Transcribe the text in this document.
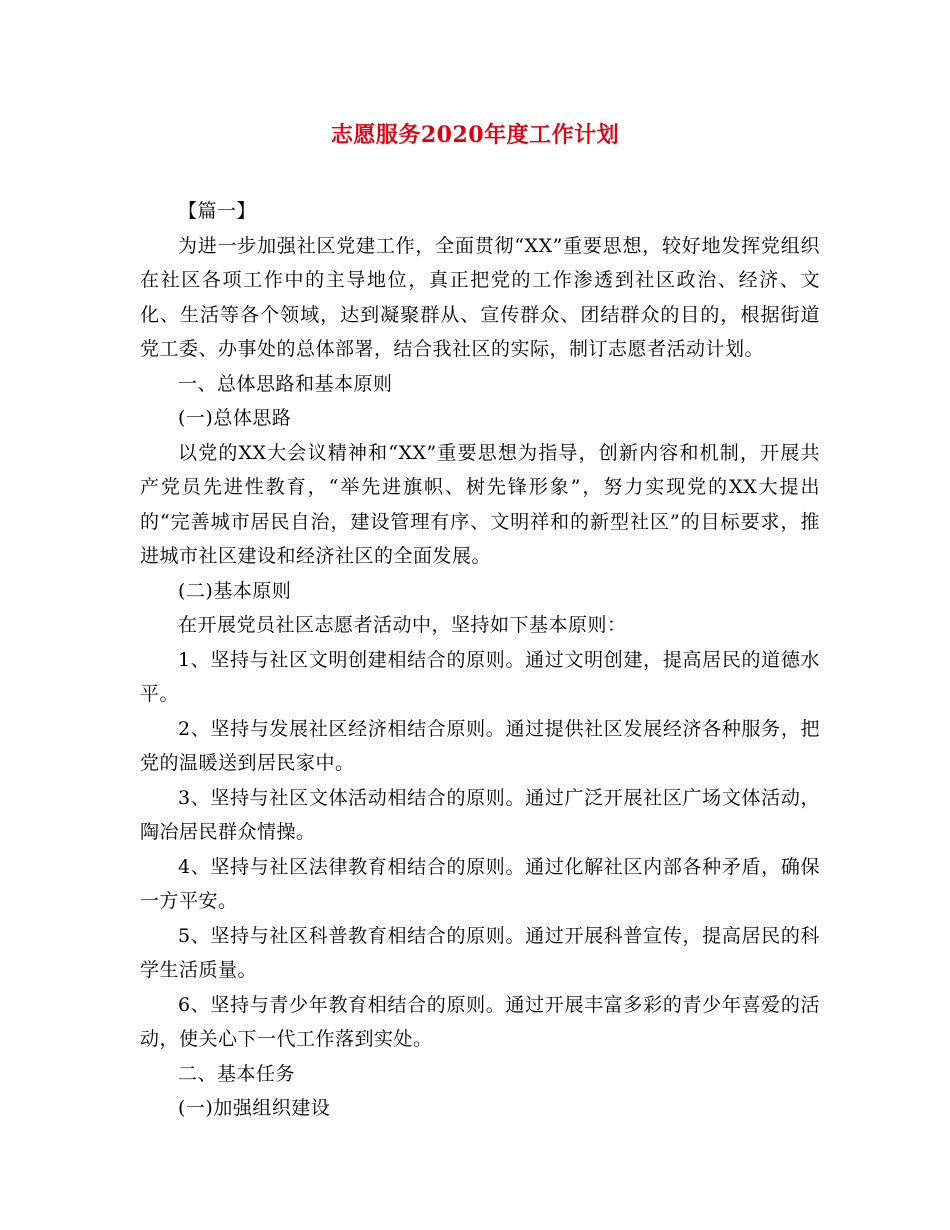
志愿服务2020年度工作计划

【篇一】

为进一步加强社区党建工作，全面贯彻“XX”重要思想，较好地发挥党组织在社区各项工作中的主导地位，真正把党的工作渗透到社区政治、经济、文化、生活等各个领域，达到凝聚群从、宣传群众、团结群众的目的，根据街道党工委、办事处的总体部署，结合我社区的实际，制订志愿者活动计划。

一、总体思路和基本原则

(一)总体思路

以党的XX大会议精神和“XX”重要思想为指导，创新内容和机制，开展共产党员先进性教育，“举先进旗帜、树先锋形象”，努力实现党的XX大提出的“完善城市居民自治，建设管理有序、文明祥和的新型社区”的目标要求，推进城市社区建设和经济社区的全面发展。

(二)基本原则

在开展党员社区志愿者活动中，坚持如下基本原则：

1、坚持与社区文明创建相结合的原则。通过文明创建，提高居民的道德水平。

2、坚持与发展社区经济相结合原则。通过提供社区发展经济各种服务，把党的温暖送到居民家中。

3、坚持与社区文体活动相结合的原则。通过广泛开展社区广场文体活动，陶冶居民群众情操。

4、坚持与社区法律教育相结合的原则。通过化解社区内部各种矛盾，确保一方平安。

5、坚持与社区科普教育相结合的原则。通过开展科普宣传，提高居民的科学生活质量。

6、坚持与青少年教育相结合的原则。通过开展丰富多彩的青少年喜爱的活动，使关心下一代工作落到实处。

二、基本任务

(一)加强组织建设
